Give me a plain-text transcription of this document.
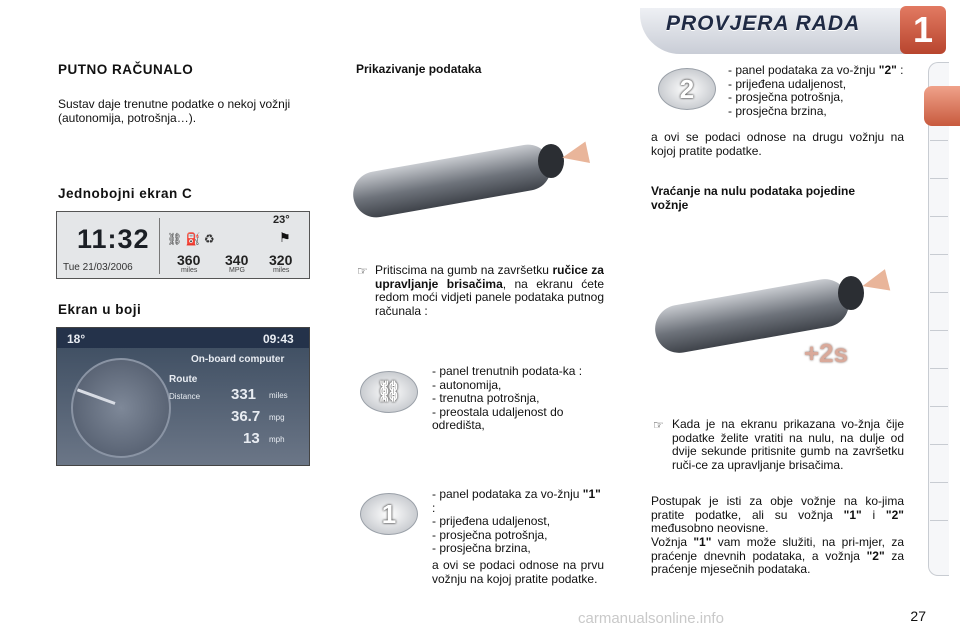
PROVJERA RADA	1
PUTNO RAČUNALO
Sustav daje trenutne podatke o nekoj vožnji (autonomija, potrošnja…).
Jednobojni ekran C
11:32
Tue 21/03/2006
23°
⛓ ⛽ ♻	⚑
360 340 320
miles	MPG	miles
Ekran u boji
18°	09:43
On-board computer
Route
Distance 331 miles
36.7 mpg
13 mph
Prikazivanje podataka
☞ Pritiscima na gumb na završetku ručice za upravljanje brisačima, na ekranu ćete redom moći vidjeti panele podataka putnog računala :
⛓
- panel trenutnih podata-ka :
- autonomija,
- trenutna potrošnja,
- preostala udaljenost do odredišta,
1
- panel podataka za vo-žnju "1" :
- prijeđena udaljenost,
- prosječna potrošnja,
- prosječna brzina,
a ovi se podaci odnose na prvu vožnju na kojoj pratite podatke.
2
- panel podataka za vo-žnju "2" :
- prijeđena udaljenost,
- prosječna potrošnja,
- prosječna brzina,
a ovi se podaci odnose na drugu vožnju na kojoj pratite podatke.
Vraćanje na nulu podataka pojedine vožnje
+2s
☞ Kada je na ekranu prikazana vo-žnja čije podatke želite vratiti na nulu, na dulje od dvije sekunde pritisnite gumb na završetku ruči-ce za upravljanje brisačima.
Postupak je isti za obje vožnje na ko-jima pratite podatke, ali su vožnja "1" i "2" međusobno neovisne.
Vožnja "1" vam može služiti, na pri-mjer, za praćenje dnevnih podataka, a vožnja "2" za praćenje mjesečnih podataka.
27
carmanualsonline.info
